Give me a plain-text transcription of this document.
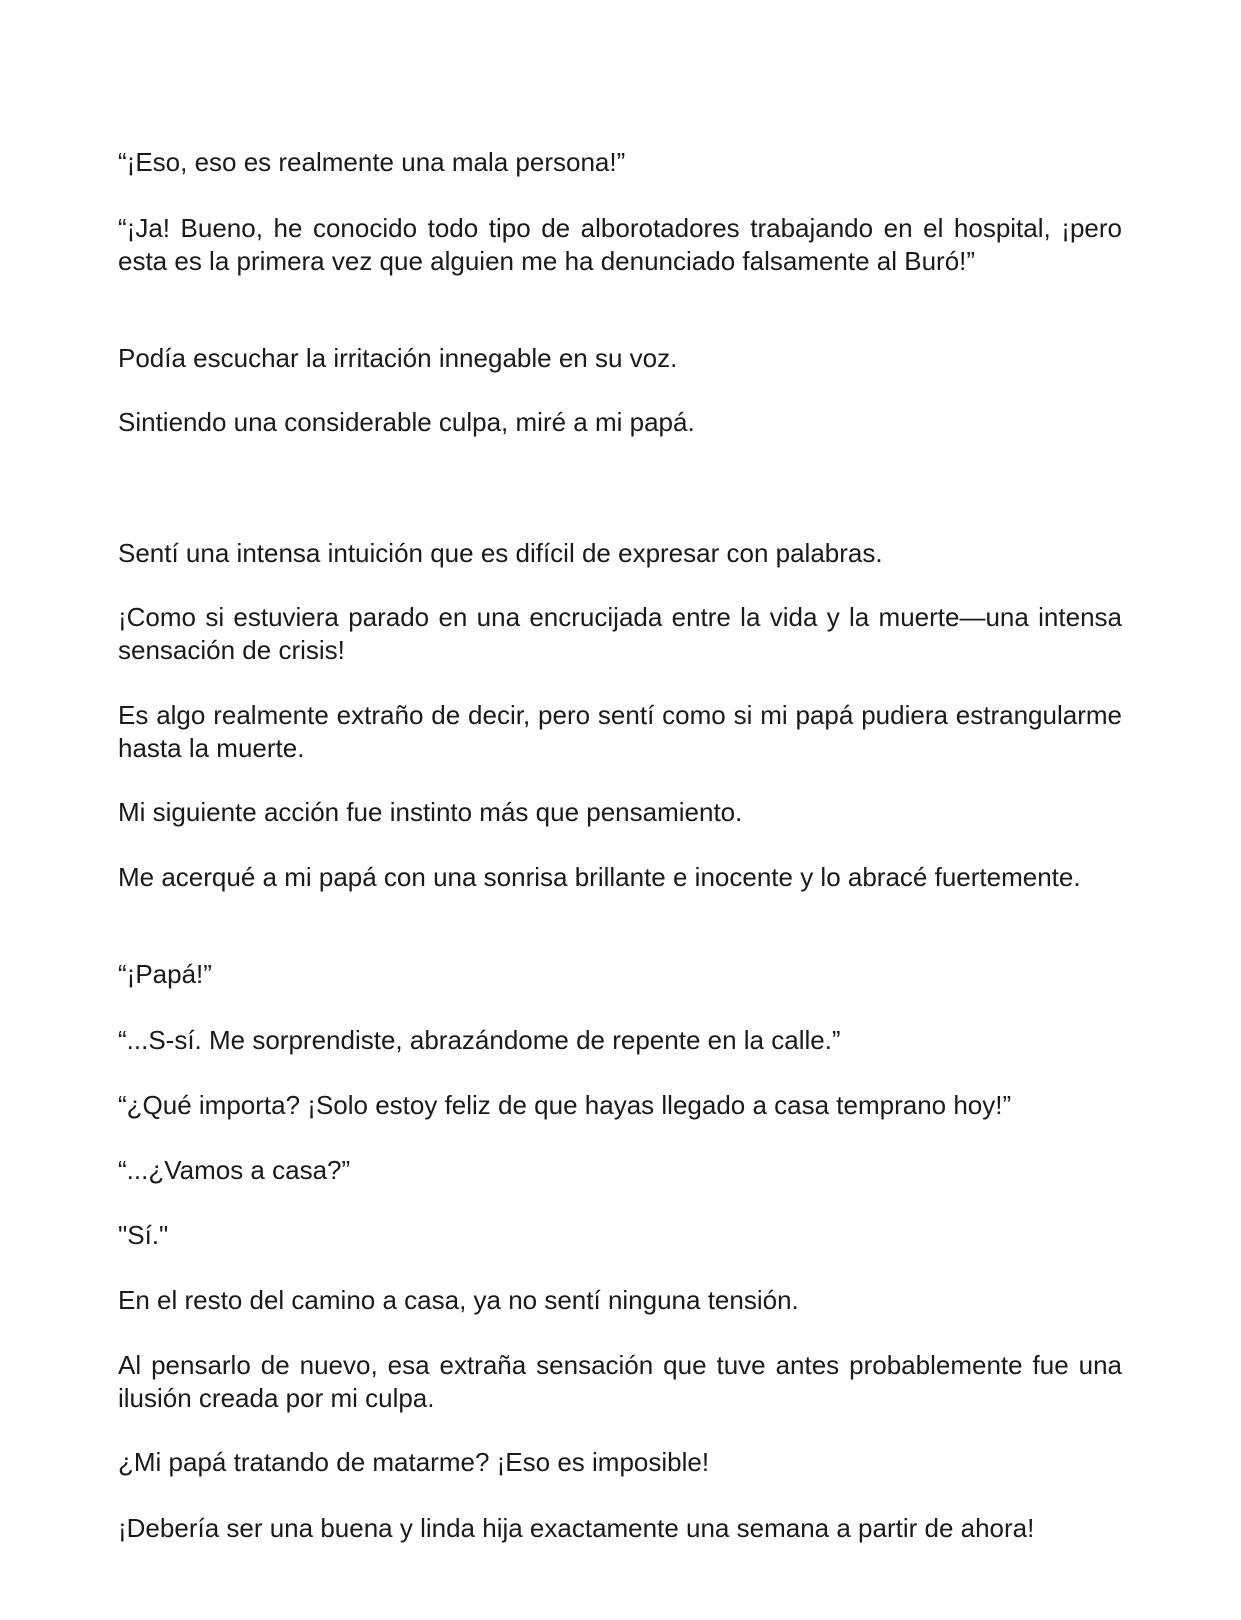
“¡Eso, eso es realmente una mala persona!”

“¡Ja! Bueno, he conocido todo tipo de alborotadores trabajando en el hospital, ¡pero esta es la primera vez que alguien me ha denunciado falsamente al Buró!”

Podía escuchar la irritación innegable en su voz.

Sintiendo una considerable culpa, miré a mi papá.

Sentí una intensa intuición que es difícil de expresar con palabras.

¡Como si estuviera parado en una encrucijada entre la vida y la muerte—una intensa sensación de crisis!

Es algo realmente extraño de decir, pero sentí como si mi papá pudiera estrangularme hasta la muerte.

Mi siguiente acción fue instinto más que pensamiento.

Me acerqué a mi papá con una sonrisa brillante e inocente y lo abracé fuertemente.

“¡Papá!”

“...S-sí. Me sorprendiste, abrazándome de repente en la calle.”

“¿Qué importa? ¡Solo estoy feliz de que hayas llegado a casa temprano hoy!”

“...¿Vamos a casa?”

"Sí."

En el resto del camino a casa, ya no sentí ninguna tensión.

Al pensarlo de nuevo, esa extraña sensación que tuve antes probablemente fue una ilusión creada por mi culpa.

¿Mi papá tratando de matarme? ¡Eso es imposible!

¡Debería ser una buena y linda hija exactamente una semana a partir de ahora!
